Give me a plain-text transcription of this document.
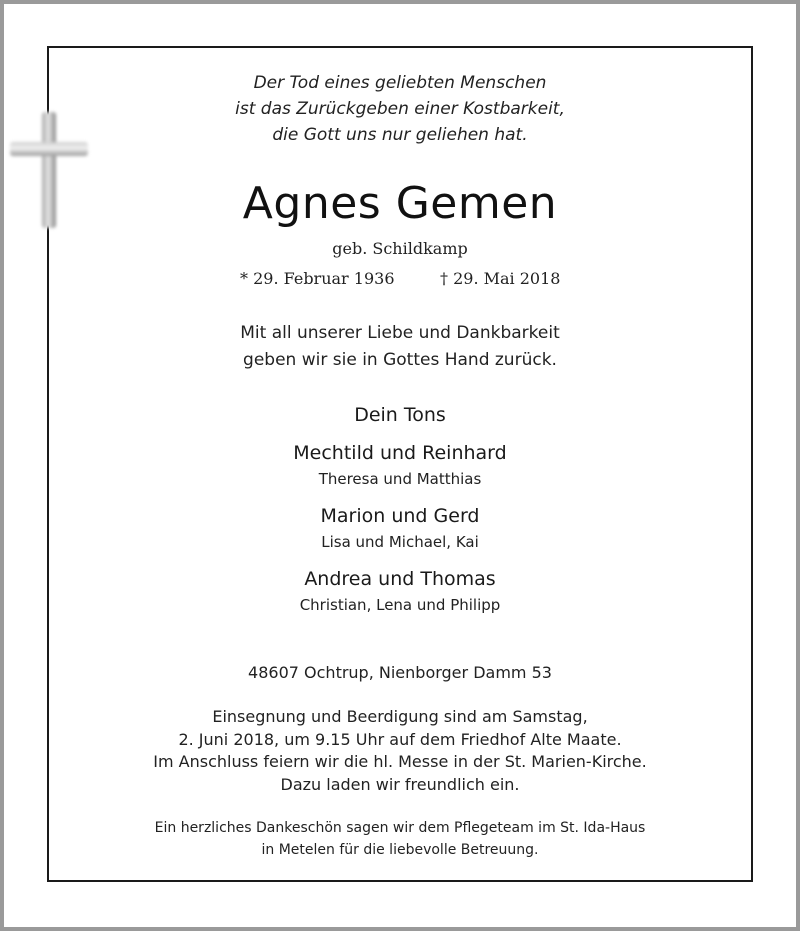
Der Tod eines geliebten Menschen
ist das Zurückgeben einer Kostbarkeit,
die Gott uns nur geliehen hat.
Agnes Gemen
geb. Schildkamp
* 29. Februar 1936	† 29. Mai 2018
Mit all unserer Liebe und Dankbarkeit
geben wir sie in Gottes Hand zurück.
Dein Tons
Mechtild und Reinhard
Theresa und Matthias
Marion und Gerd
Lisa und Michael, Kai
Andrea und Thomas
Christian, Lena und Philipp
48607 Ochtrup, Nienborger Damm 53
Einsegnung und Beerdigung sind am Samstag,
2. Juni 2018, um 9.15 Uhr auf dem Friedhof Alte Maate.
Im Anschluss feiern wir die hl. Messe in der St. Marien-Kirche.
Dazu laden wir freundlich ein.
Ein herzliches Dankeschön sagen wir dem Pflegeteam im St. Ida-Haus
in Metelen für die liebevolle Betreuung.
